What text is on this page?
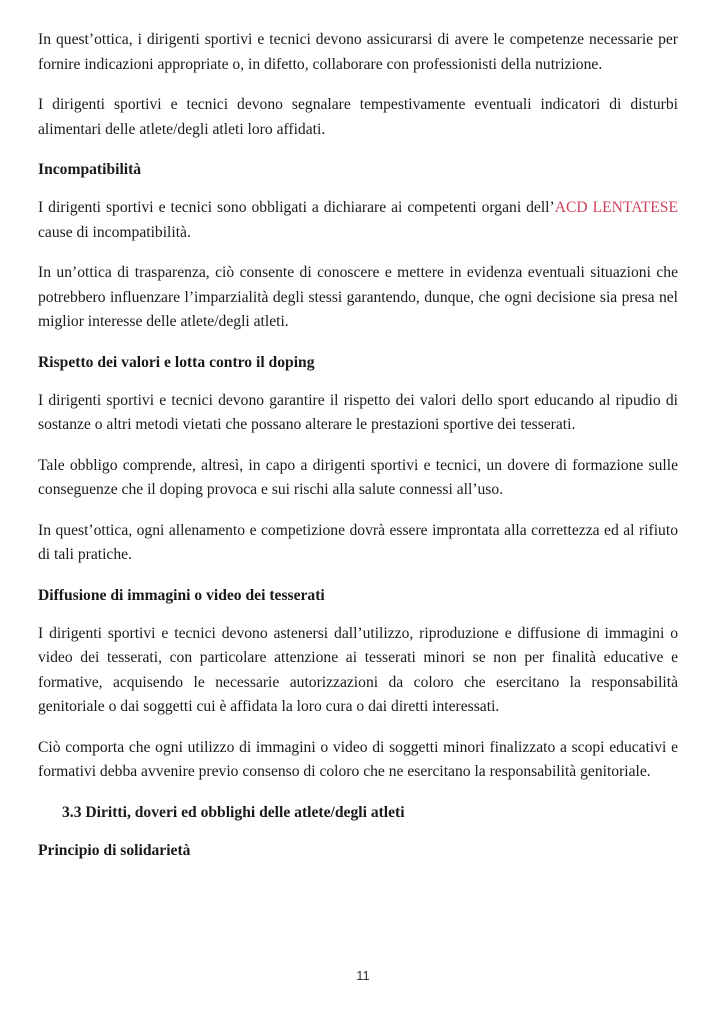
In quest’ottica, i dirigenti sportivi e tecnici devono assicurarsi di avere le competenze necessarie per fornire indicazioni appropriate o, in difetto, collaborare con professionisti della nutrizione.

I dirigenti sportivi e tecnici devono segnalare tempestivamente eventuali indicatori di disturbi alimentari delle atlete/degli atleti loro affidati.

Incompatibilità

I dirigenti sportivi e tecnici sono obbligati a dichiarare ai competenti organi dell’ACD LENTATESE cause di incompatibilità.

In un’ottica di trasparenza, ciò consente di conoscere e mettere in evidenza eventuali situazioni che potrebbero influenzare l’imparzialità degli stessi garantendo, dunque, che ogni decisione sia presa nel miglior interesse delle atlete/degli atleti.

Rispetto dei valori e lotta contro il doping

I dirigenti sportivi e tecnici devono garantire il rispetto dei valori dello sport educando al ripudio di sostanze o altri metodi vietati che possano alterare le prestazioni sportive dei tesserati.

Tale obbligo comprende, altresì, in capo a dirigenti sportivi e tecnici, un dovere di formazione sulle conseguenze che il doping provoca e sui rischi alla salute connessi all’uso.

In quest’ottica, ogni allenamento e competizione dovrà essere improntata alla correttezza ed al rifiuto di tali pratiche.

Diffusione di immagini o video dei tesserati

I dirigenti sportivi e tecnici devono astenersi dall’utilizzo, riproduzione e diffusione di immagini o video dei tesserati, con particolare attenzione ai tesserati minori se non per finalità educative e formative, acquisendo le necessarie autorizzazioni da coloro che esercitano la responsabilità genitoriale o dai soggetti cui è affidata la loro cura o dai diretti interessati.

Ciò comporta che ogni utilizzo di immagini o video di soggetti minori finalizzato a scopi educativi e formativi debba avvenire previo consenso di coloro che ne esercitano la responsabilità genitoriale.

3.3 Diritti, doveri ed obblighi delle atlete/degli atleti
Principio di solidarietà
11
